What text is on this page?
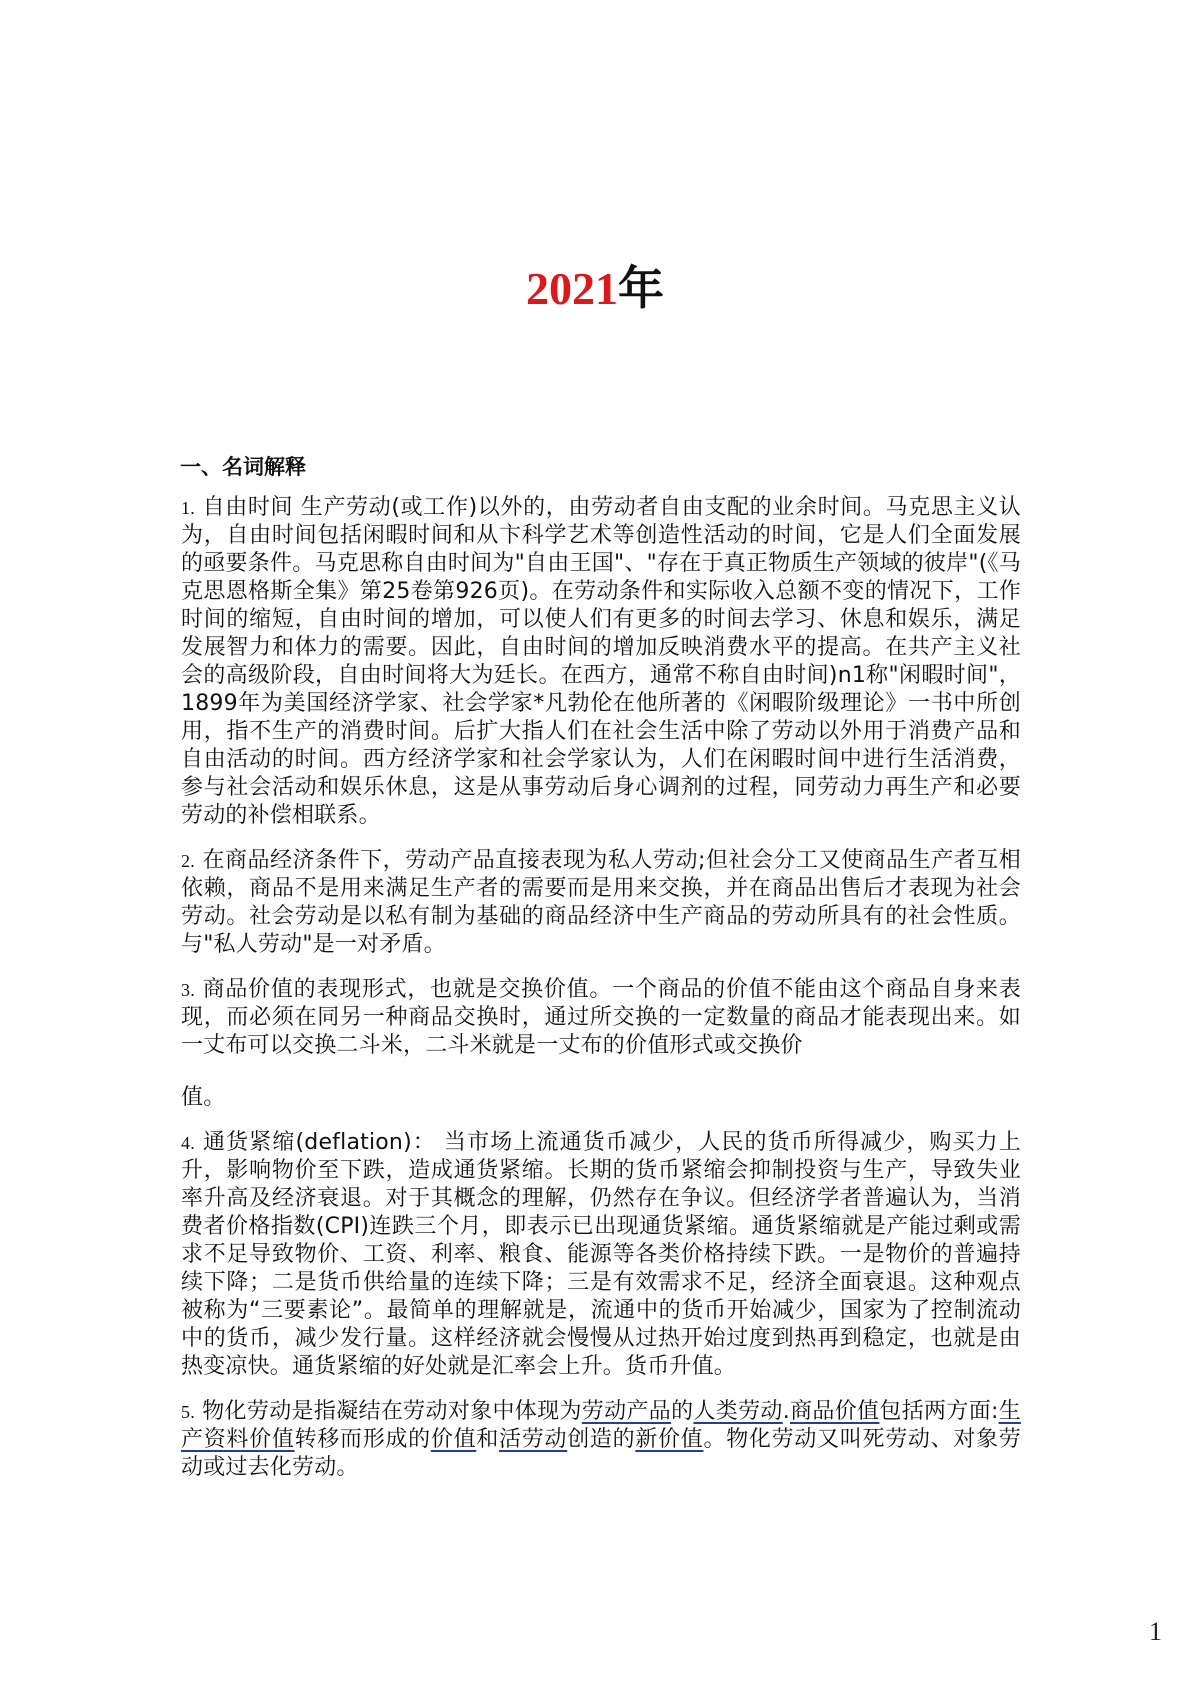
2021年
一、名词解释

1. 自由时间 生产劳动(或工作)以外的，由劳动者自由支配的业余时间。马克思主义认为，自由时间包括闲暇时间和从卞科学艺术等创造性活动的时间，它是人们全面发展的亟要条件。马克思称自由时间为"自由王国"、"存在于真正物质生产领域的彼岸"(《马克思恩格斯全集》第25卷第926页)。在劳动条件和实际收入总额不变的情况下，工作时间的缩短，自由时间的增加，可以使人们有更多的时间去学习、休息和娱乐，满足发展智力和体力的需要。因此，自由时间的增加反映消费水平的提高。在共产主义社会的高级阶段，自由时间将大为廷长。在西方，通常不称自由时间)n1称"闲暇时间"，1899年为美国经济学家、社会学家*凡勃伦在他所著的《闲暇阶级理论》一书中所创用，指不生产的消费时间。后扩大指人们在社会生活中除了劳动以外用于消费产品和自由活动的时间。西方经济学家和社会学家认为，人们在闲暇时间中进行生活消费，参与社会活动和娱乐休息，这是从事劳动后身心调剂的过程，同劳动力再生产和必要劳动的补偿相联系。

2. 在商品经济条件下，劳动产品直接表现为私人劳动;但社会分工又使商品生产者互相依赖，商品不是用来满足生产者的需要而是用来交换，并在商品出售后才表现为社会劳动。社会劳动是以私有制为基础的商品经济中生产商品的劳动所具有的社会性质。与"私人劳动"是一对矛盾。

3. 商品价值的表现形式，也就是交换价值。一个商品的价值不能由这个商品自身来表现，而必须在同另一种商品交换时，通过所交换的一定数量的商品才能表现出来。如一丈布可以交换二斗米，二斗米就是一丈布的价值形式或交换价

值。

4. 通货紧缩(deflation)： 当市场上流通货币减少，人民的货币所得减少，购买力上升，影响物价至下跌，造成通货紧缩。长期的货币紧缩会抑制投资与生产，导致失业率升高及经济衰退。对于其概念的理解，仍然存在争议。但经济学者普遍认为，当消费者价格指数(CPI)连跌三个月，即表示已出现通货紧缩。通货紧缩就是产能过剩或需求不足导致物价、工资、利率、粮食、能源等各类价格持续下跌。一是物价的普遍持续下降；二是货币供给量的连续下降；三是有效需求不足，经济全面衰退。这种观点被称为“三要素论”。最简单的理解就是，流通中的货币开始减少，国家为了控制流动中的货币，减少发行量。这样经济就会慢慢从过热开始过度到热再到稳定，也就是由热变凉快。通货紧缩的好处就是汇率会上升。货币升值。

5. 物化劳动是指凝结在劳动对象中体现为劳动产品的人类劳动.商品价值包括两方面:生产资料价值转移而形成的价值和活劳动创造的新价值。物化劳动又叫死劳动、对象劳动或过去化劳动。

1
